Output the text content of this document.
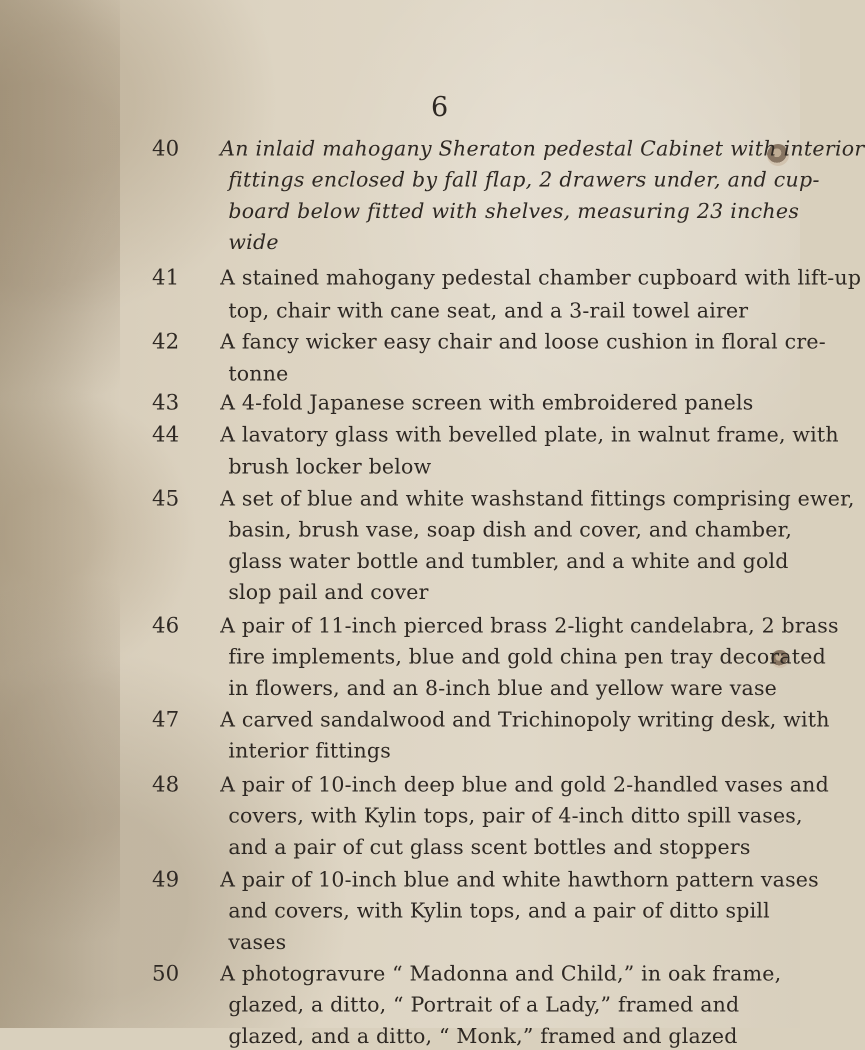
6
40 An inlaid mahogany Sheraton pedestal Cabinet with interior
fittings enclosed by fall flap, 2 drawers under, and cup-
board below fitted with shelves, measuring 23 inches
wide
41 A stained mahogany pedestal chamber cupboard with lift-up
top, chair with cane seat, and a 3-rail towel airer
42 A fancy wicker easy chair and loose cushion in floral cre-
tonne
43 A 4-fold Japanese screen with embroidered panels
44 A lavatory glass with bevelled plate, in walnut frame, with
brush locker below
45 A set of blue and white washstand fittings comprising ewer,
basin, brush vase, soap dish and cover, and chamber,
glass water bottle and tumbler, and a white and gold
slop pail and cover
46 A pair of 11-inch pierced brass 2-light candelabra, 2 brass
fire implements, blue and gold china pen tray decorated
in flowers, and an 8-inch blue and yellow ware vase
47 A carved sandalwood and Trichinopoly writing desk, with
interior fittings
48 A pair of 10-inch deep blue and gold 2-handled vases and
covers, with Kylin tops, pair of 4-inch ditto spill vases,
and a pair of cut glass scent bottles and stoppers
49 A pair of 10-inch blue and white hawthorn pattern vases
and covers, with Kylin tops, and a pair of ditto spill
vases
50 A photogravure “ Madonna and Child,” in oak frame,
glazed, a ditto, “ Portrait of a Lady,” framed and
glazed, and a ditto, “ Monk,” framed and glazed
